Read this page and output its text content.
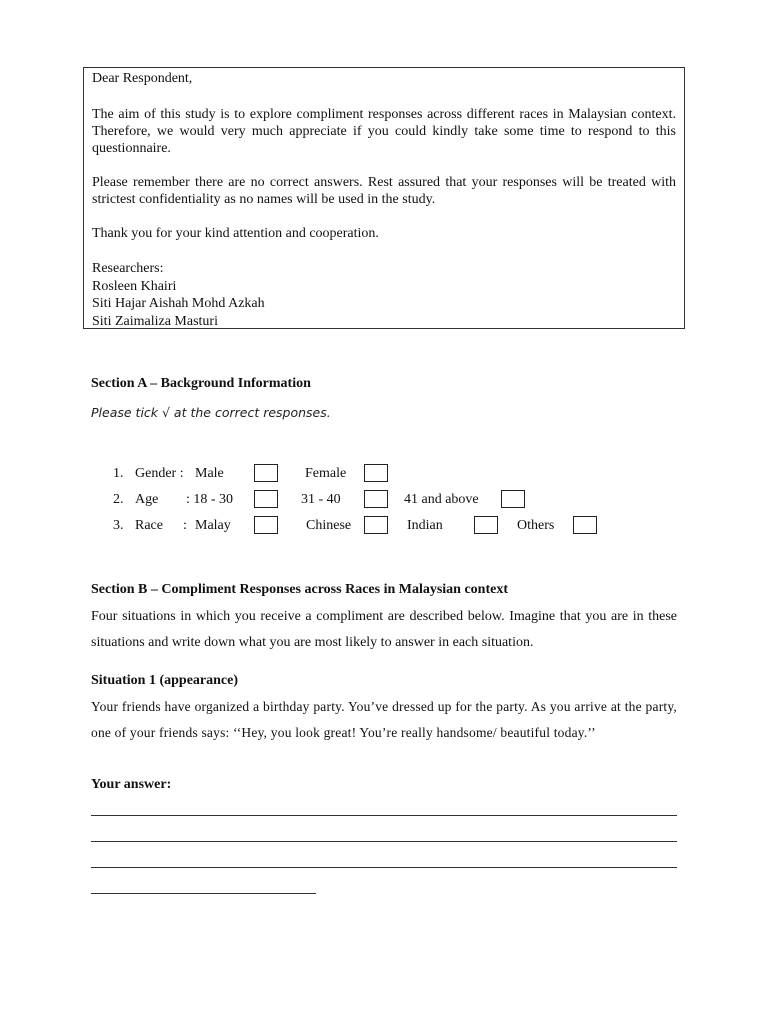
Dear Respondent,

The aim of this study is to explore compliment responses across different races in Malaysian context. Therefore, we would very much appreciate if you could kindly take some time to respond to this questionnaire.

Please remember there are no correct answers. Rest assured that your responses will be treated with strictest confidentiality as no names will be used in the study.

Thank you for your kind attention and cooperation.

Researchers:
Rosleen Khairi
Siti Hajar Aishah Mohd Azkah
Siti Zaimaliza Masturi
Section A – Background Information
Please tick √ at the correct responses.
1. Gender : Male	Female
2. Age : 18 - 30	31 - 40	41 and above
3. Race : Malay	Chinese	Indian	Others
Section B – Compliment Responses across Races in Malaysian context
Four situations in which you receive a compliment are described below. Imagine that you are in these situations and write down what you are most likely to answer in each situation.
Situation 1 (appearance)
Your friends have organized a birthday party. You’ve dressed up for the party. As you arrive at the party, one of your friends says: ‘‘Hey, you look great! You’re really handsome/ beautiful today.’’
Your answer:
